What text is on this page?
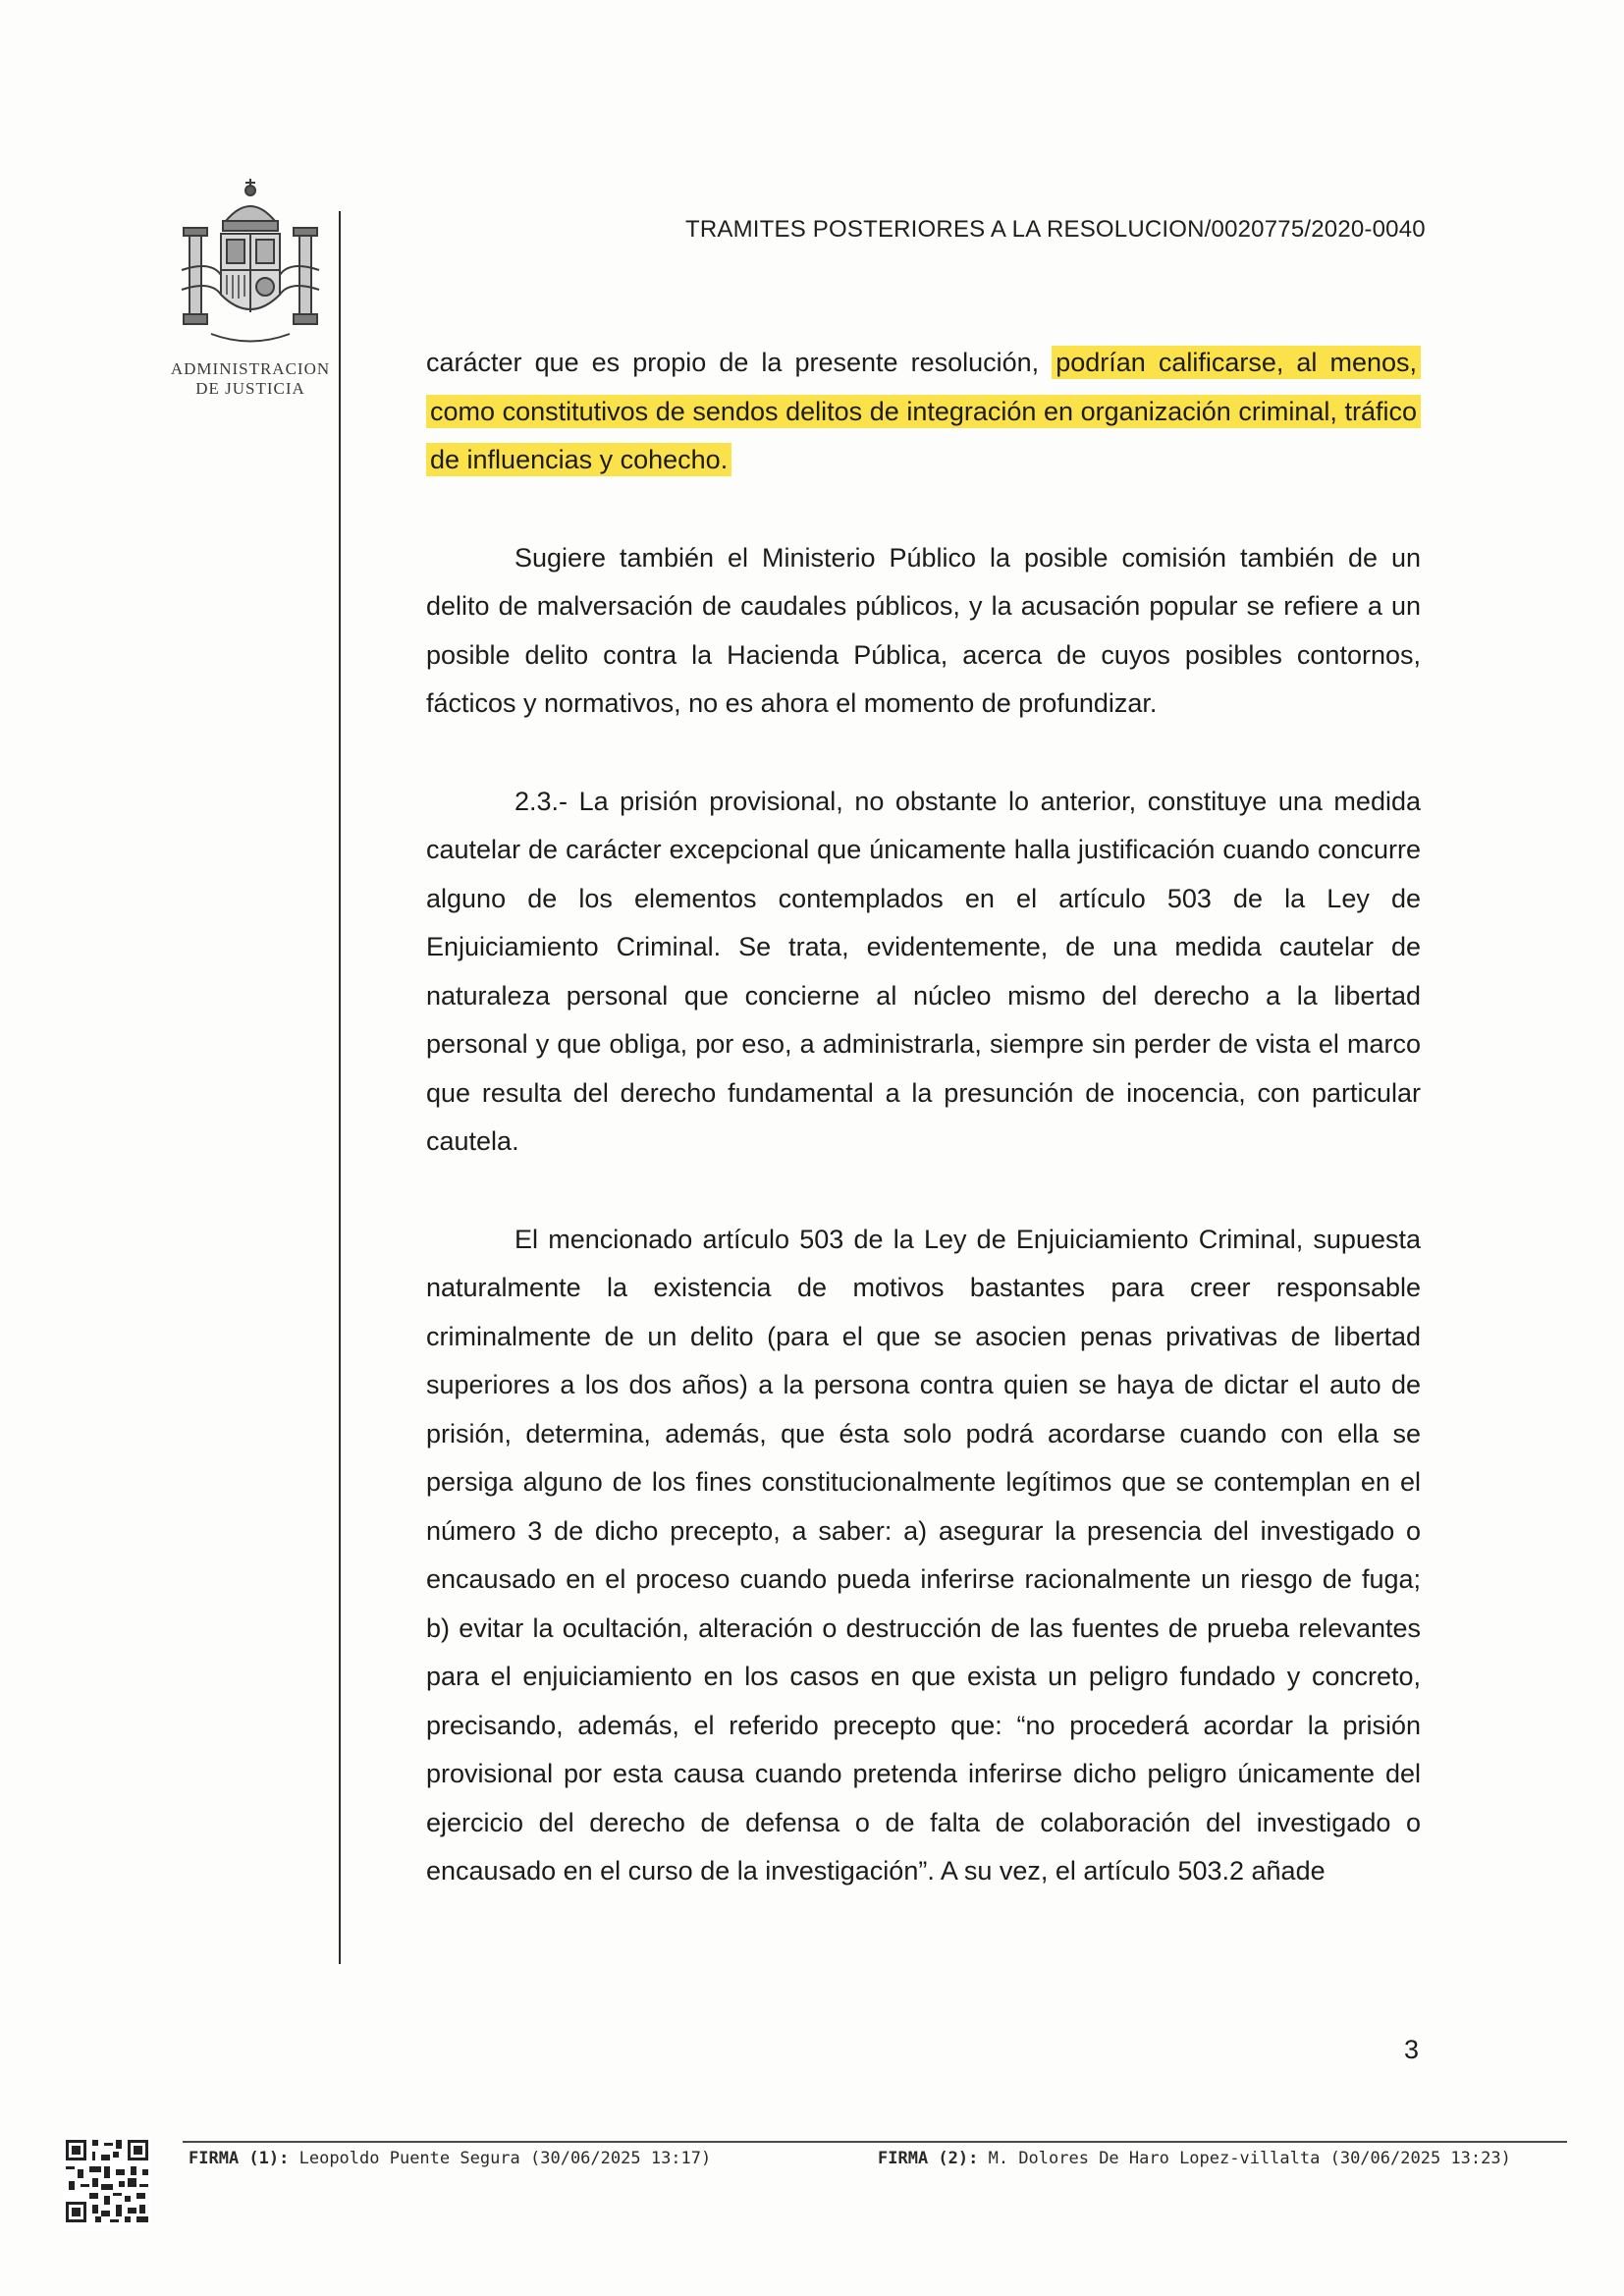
ADMINISTRACION
DE JUSTICIA
TRAMITES POSTERIORES A LA RESOLUCION/0020775/2020-0040

carácter que es propio de la presente resolución, podrían calificarse, al menos, como constitutivos de sendos delitos de integración en organización criminal, tráfico de influencias y cohecho.

Sugiere también el Ministerio Público la posible comisión también de un delito de malversación de caudales públicos, y la acusación popular se refiere a un posible delito contra la Hacienda Pública, acerca de cuyos posibles contornos, fácticos y normativos, no es ahora el momento de profundizar.

2.3.- La prisión provisional, no obstante lo anterior, constituye una medida cautelar de carácter excepcional que únicamente halla justificación cuando concurre alguno de los elementos contemplados en el artículo 503 de la Ley de Enjuiciamiento Criminal. Se trata, evidentemente, de una medida cautelar de naturaleza personal que concierne al núcleo mismo del derecho a la libertad personal y que obliga, por eso, a administrarla, siempre sin perder de vista el marco que resulta del derecho fundamental a la presunción de inocencia, con particular cautela.

El mencionado artículo 503 de la Ley de Enjuiciamiento Criminal, supuesta naturalmente la existencia de motivos bastantes para creer responsable criminalmente de un delito (para el que se asocien penas privativas de libertad superiores a los dos años) a la persona contra quien se haya de dictar el auto de prisión, determina, además, que ésta solo podrá acordarse cuando con ella se persiga alguno de los fines constitucionalmente legítimos que se contemplan en el número 3 de dicho precepto, a saber: a) asegurar la presencia del investigado o encausado en el proceso cuando pueda inferirse racionalmente un riesgo de fuga; b) evitar la ocultación, alteración o destrucción de las fuentes de prueba relevantes para el enjuiciamiento en los casos en que exista un peligro fundado y concreto, precisando, además, el referido precepto que: “no procederá acordar la prisión provisional por esta causa cuando pretenda inferirse dicho peligro únicamente del ejercicio del derecho de defensa o de falta de colaboración del investigado o encausado en el curso de la investigación”. A su vez, el artículo 503.2 añade

3
FIRMA (1): Leopoldo Puente Segura (30/06/2025 13:17)	FIRMA (2): M. Dolores De Haro Lopez-villalta (30/06/2025 13:23)
